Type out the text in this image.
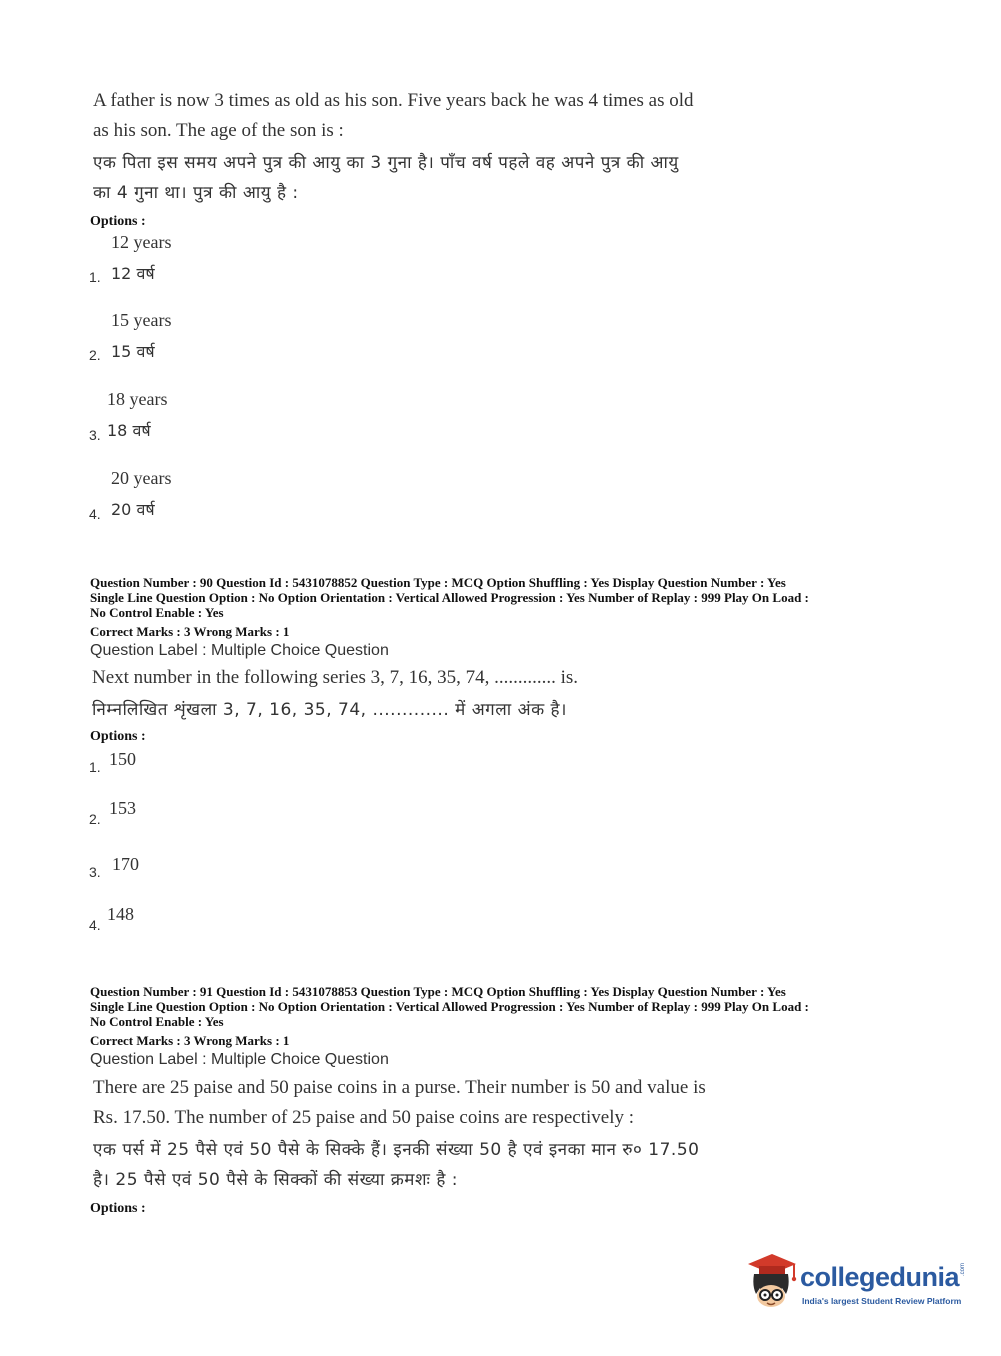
A father is now 3 times as old as his son. Five years back he was 4 times as old
as his son. The age of the son is :
एक पिता इस समय अपने पुत्र की आयु का 3 गुना है। पाँच वर्ष पहले वह अपने पुत्र की आयु
का 4 गुना था। पुत्र की आयु है :
Options :
12 years
1. 12 वर्ष
15 years
2. 15 वर्ष
18 years
3. 18 वर्ष
20 years
4. 20 वर्ष
Question Number : 90 Question Id : 5431078852 Question Type : MCQ Option Shuffling : Yes Display Question Number : Yes
Single Line Question Option : No Option Orientation : Vertical Allowed Progression : Yes Number of Replay : 999 Play On Load :
No Control Enable : Yes
Correct Marks : 3 Wrong Marks : 1
Question Label : Multiple Choice Question
Next number in the following series 3, 7, 16, 35, 74, ............. is.
निम्नलिखित शृंखला 3, 7, 16, 35, 74, ............. में अगला अंक है।
Options :
1. 150
2.
153
3. 170
4.
148
Question Number : 91 Question Id : 5431078853 Question Type : MCQ Option Shuffling : Yes Display Question Number : Yes
Single Line Question Option : No Option Orientation : Vertical Allowed Progression : Yes Number of Replay : 999 Play On Load :
No Control Enable : Yes
Correct Marks : 3 Wrong Marks : 1
Question Label : Multiple Choice Question
There are 25 paise and 50 paise coins in a purse. Their number is 50 and value is
Rs. 17.50. The number of 25 paise and 50 paise coins are respectively :
एक पर्स में 25 पैसे एवं 50 पैसे के सिक्के हैं। इनकी संख्या 50 है एवं इनका मान रु० 17.50
है। 25 पैसे एवं 50 पैसे के सिक्कों की संख्या क्रमशः है :
Options :
collegedunia .com
India's largest Student Review Platform
